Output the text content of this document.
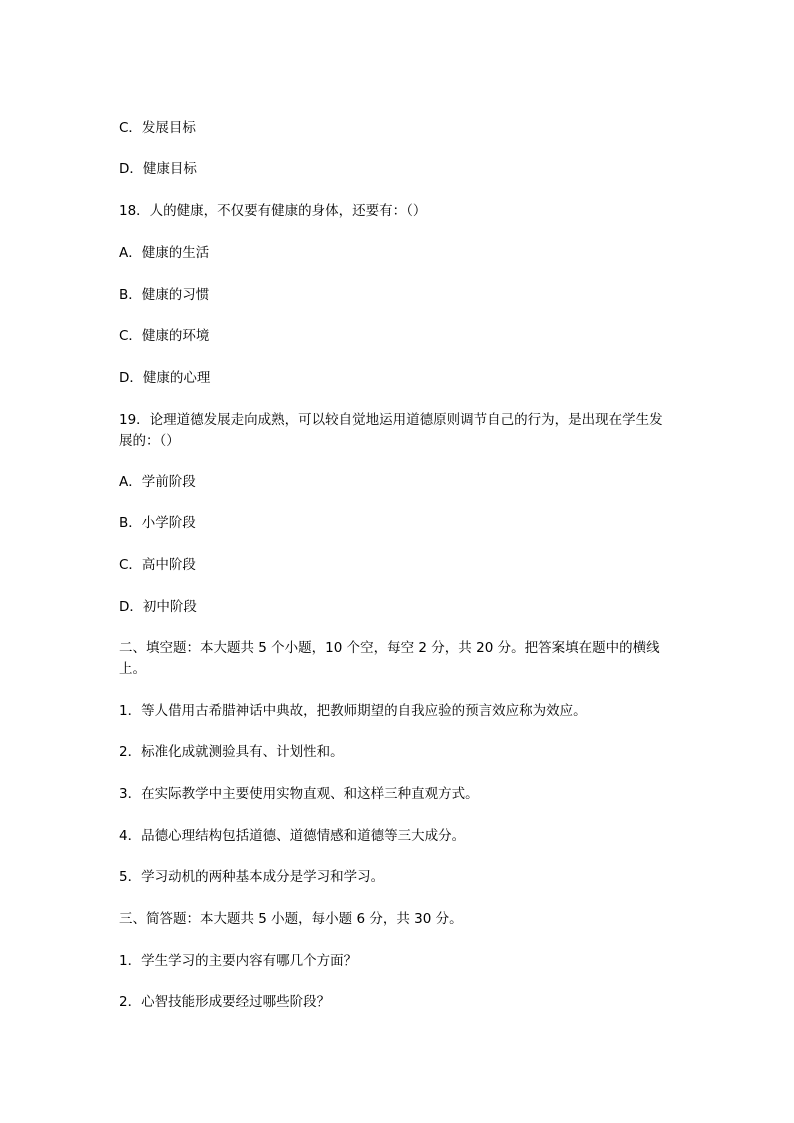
C．发展目标
D．健康目标
18．人的健康，不仅要有健康的身体，还要有：（）
A．健康的生活
B．健康的习惯
C．健康的环境
D．健康的心理
19．论理道德发展走向成熟，可以较自觉地运用道德原则调节自己的行为，是出现在学生发展的：（）
A．学前阶段
B．小学阶段
C．高中阶段
D．初中阶段
二、填空题：本大题共 5 个小题，10 个空，每空 2 分，共 20 分。把答案填在题中的横线上。
1．等人借用古希腊神话中典故，把教师期望的自我应验的预言效应称为效应。
2．标准化成就测验具有、计划性和。
3．在实际教学中主要使用实物直观、和这样三种直观方式。
4．品德心理结构包括道德、道德情感和道德等三大成分。
5．学习动机的两种基本成分是学习和学习。
三、简答题：本大题共 5 小题，每小题 6 分，共 30 分。
1．学生学习的主要内容有哪几个方面？
2．心智技能形成要经过哪些阶段？
